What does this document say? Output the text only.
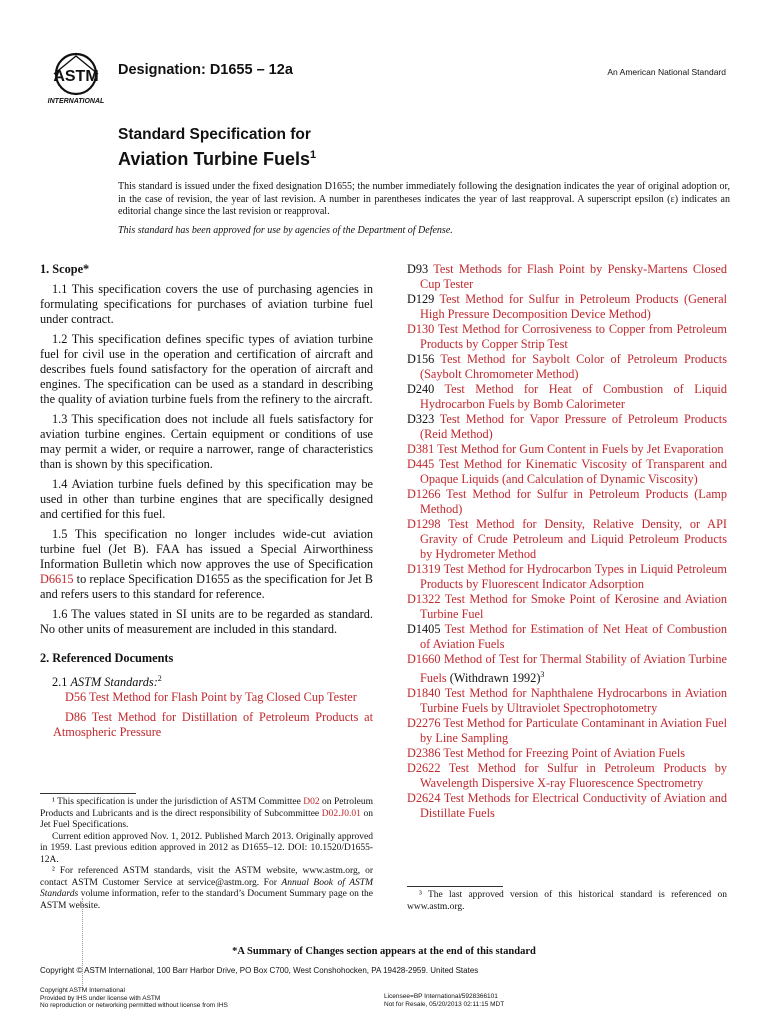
ASTM
INTERNATIONAL
Designation: D1655 – 12a	An American National Standard
Standard Specification for
Aviation Turbine Fuels$^1$

This standard is issued under the fixed designation D1655; the number immediately following the designation indicates the year of original adoption or, in the case of revision, the year of last revision. A number in parentheses indicates the year of last reapproval. A superscript epsilon (ε) indicates an editorial change since the last revision or reapproval.

This standard has been approved for use by agencies of the Department of Defense.

1. Scope*

1.1 This specification covers the use of purchasing agencies in formulating specifications for purchases of aviation turbine fuel under contract.

1.2 This specification defines specific types of aviation turbine fuel for civil use in the operation and certification of aircraft and describes fuels found satisfactory for the operation of aircraft and engines. The specification can be used as a standard in describing the quality of aviation turbine fuels from the refinery to the aircraft.

1.3 This specification does not include all fuels satisfactory for aviation turbine engines. Certain equipment or conditions of use may permit a wider, or require a narrower, range of characteristics than is shown by this specification.

1.4 Aviation turbine fuels defined by this specification may be used in other than turbine engines that are specifically designed and certified for this fuel.

1.5 This specification no longer includes wide-cut aviation turbine fuel (Jet B). FAA has issued a Special Airworthiness Information Bulletin which now approves the use of Specification D6615 to replace Specification D1655 as the specification for Jet B and refers users to this standard for reference.

1.6 The values stated in SI units are to be regarded as standard. No other units of measurement are included in this standard.

2. Referenced Documents
2.1 ASTM Standards:$^2$

D56 Test Method for Flash Point by Tag Closed Cup Tester

D86 Test Method for Distillation of Petroleum Products at Atmospheric Pressure

D93 Test Methods for Flash Point by Pensky-Martens Closed Cup Tester

D129 Test Method for Sulfur in Petroleum Products (General High Pressure Decomposition Device Method)

D130 Test Method for Corrosiveness to Copper from Petroleum Products by Copper Strip Test

D156 Test Method for Saybolt Color of Petroleum Products (Saybolt Chromometer Method)

D240 Test Method for Heat of Combustion of Liquid Hydrocarbon Fuels by Bomb Calorimeter

D323 Test Method for Vapor Pressure of Petroleum Products (Reid Method)

D381 Test Method for Gum Content in Fuels by Jet Evaporation

D445 Test Method for Kinematic Viscosity of Transparent and Opaque Liquids (and Calculation of Dynamic Viscosity)

D1266 Test Method for Sulfur in Petroleum Products (Lamp Method)

D1298 Test Method for Density, Relative Density, or API Gravity of Crude Petroleum and Liquid Petroleum Products by Hydrometer Method

D1319 Test Method for Hydrocarbon Types in Liquid Petroleum Products by Fluorescent Indicator Adsorption

D1322 Test Method for Smoke Point of Kerosine and Aviation Turbine Fuel

D1405 Test Method for Estimation of Net Heat of Combustion of Aviation Fuels

D1660 Method of Test for Thermal Stability of Aviation Turbine Fuels (Withdrawn 1992)$^3$

D1840 Test Method for Naphthalene Hydrocarbons in Aviation Turbine Fuels by Ultraviolet Spectrophotometry

D2276 Test Method for Particulate Contaminant in Aviation Fuel by Line Sampling

D2386 Test Method for Freezing Point of Aviation Fuels

D2622 Test Method for Sulfur in Petroleum Products by Wavelength Dispersive X-ray Fluorescence Spectrometry

D2624 Test Methods for Electrical Conductivity of Aviation and Distillate Fuels

¹ This specification is under the jurisdiction of ASTM Committee D02 on Petroleum Products and Lubricants and is the direct responsibility of Subcommittee D02.J0.01 on Jet Fuel Specifications.

Current edition approved Nov. 1, 2012. Published March 2013. Originally approved in 1959. Last previous edition approved in 2012 as D1655–12. DOI: 10.1520/D1655-12A.

² For referenced ASTM standards, visit the ASTM website, www.astm.org, or contact ASTM Customer Service at service@astm.org. For Annual Book of ASTM Standards volume information, refer to the standard’s Document Summary page on the ASTM website.

³ The last approved version of this historical standard is referenced on www.astm.org.

*A Summary of Changes section appears at the end of this standard
Copyright © ASTM International, 100 Barr Harbor Drive, PO Box C700, West Conshohocken, PA 19428-2959. United States
Copyright ASTM International
Provided by IHS under license with ASTM
No reproduction or networking permitted without license from IHS
Licensee=BP International/5928366101
Not for Resale, 05/20/2013 02:11:15 MDT
